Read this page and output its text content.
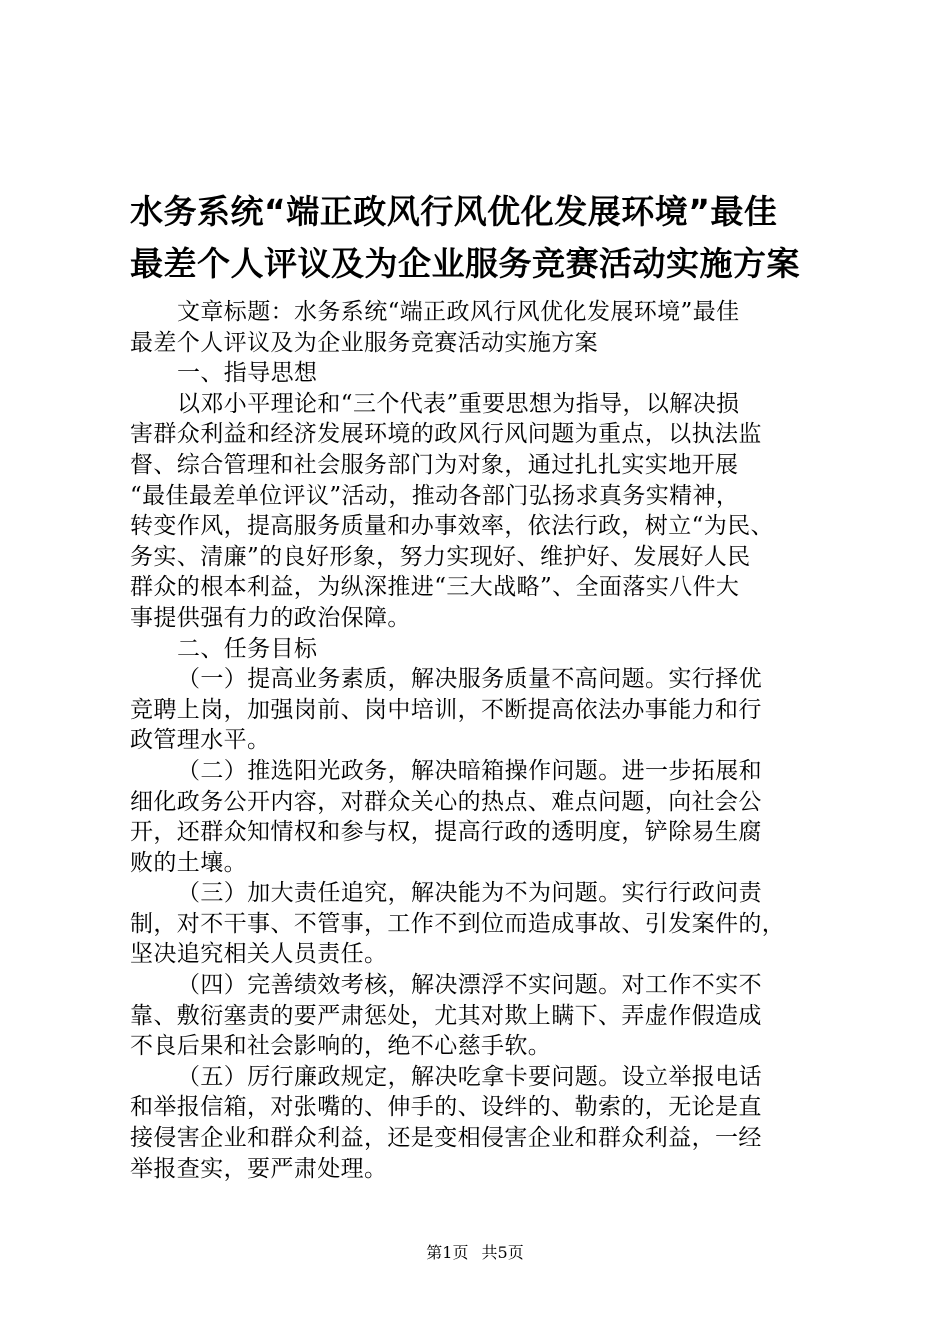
水务系统“端正政风行风优化发展环境”最佳
最差个人评议及为企业服务竞赛活动实施方案
文章标题：水务系统“端正政风行风优化发展环境”最佳
最差个人评议及为企业服务竞赛活动实施方案
一、指导思想
以邓小平理论和“三个代表”重要思想为指导，以解决损
害群众利益和经济发展环境的政风行风问题为重点，以执法监
督、综合管理和社会服务部门为对象，通过扎扎实实地开展
“最佳最差单位评议”活动，推动各部门弘扬求真务实精神，
转变作风，提高服务质量和办事效率，依法行政，树立“为民、
务实、清廉”的良好形象，努力实现好、维护好、发展好人民
群众的根本利益，为纵深推进“三大战略”、全面落实八件大
事提供强有力的政治保障。
二、任务目标
（一）提高业务素质，解决服务质量不高问题。实行择优
竞聘上岗，加强岗前、岗中培训，不断提高依法办事能力和行
政管理水平。
（二）推选阳光政务，解决暗箱操作问题。进一步拓展和
细化政务公开内容，对群众关心的热点、难点问题，向社会公
开，还群众知情权和参与权，提高行政的透明度，铲除易生腐
败的土壤。
（三）加大责任追究，解决能为不为问题。实行行政问责
制，对不干事、不管事，工作不到位而造成事故、引发案件的，
坚决追究相关人员责任。
（四）完善绩效考核，解决漂浮不实问题。对工作不实不
靠、敷衍塞责的要严肃惩处，尤其对欺上瞒下、弄虚作假造成
不良后果和社会影响的，绝不心慈手软。
（五）厉行廉政规定，解决吃拿卡要问题。设立举报电话
和举报信箱，对张嘴的、伸手的、设绊的、勒索的，无论是直
接侵害企业和群众利益，还是变相侵害企业和群众利益，一经
举报查实，要严肃处理。
第1页 共5页
